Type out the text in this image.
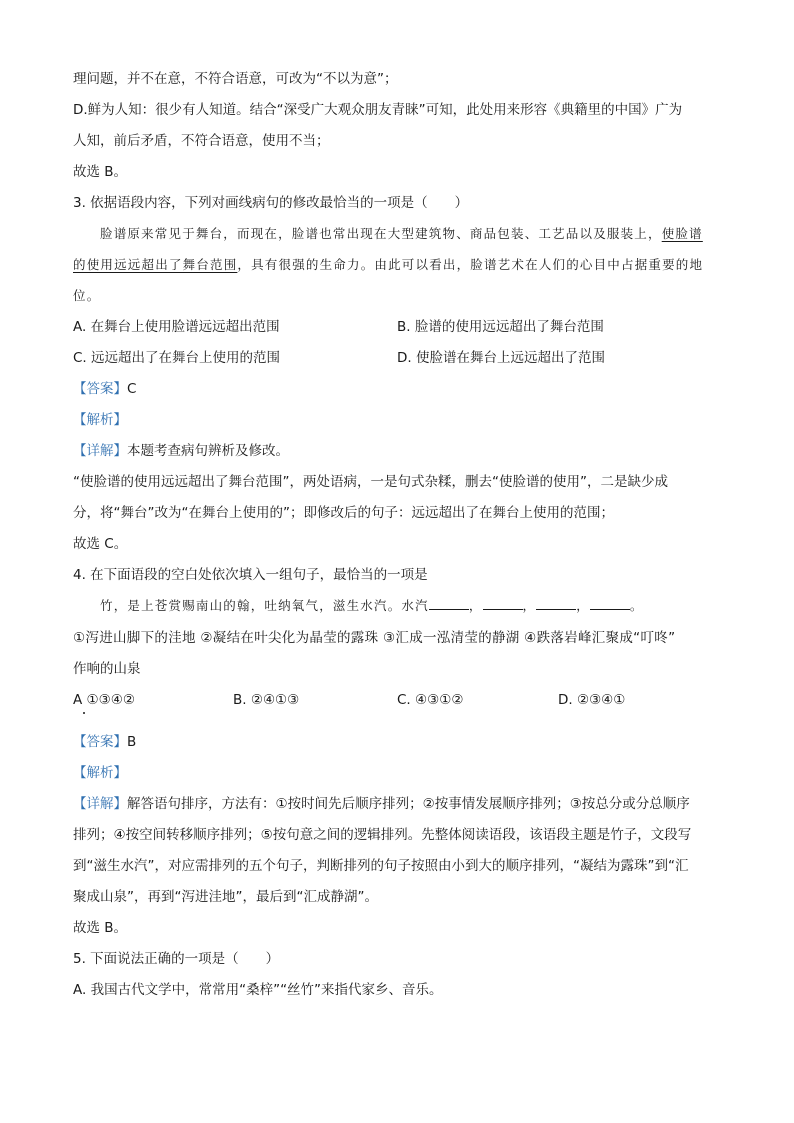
理问题，并不在意，不符合语意，可改为“不以为意”；
D.鲜为人知：很少有人知道。结合“深受广大观众朋友青睐”可知，此处用来形容《典籍里的中国》广为
人知，前后矛盾，不符合语意，使用不当；
故选 B。
3. 依据语段内容，下列对画线病句的修改最恰当的一项是（　　）
脸谱原来常见于舞台，而现在，脸谱也常出现在大型建筑物、商品包装、工艺品以及服装上，使脸谱
的使用远远超出了舞台范围，具有很强的生命力。由此可以看出，脸谱艺术在人们的心目中占据重要的地
位。
A. 在舞台上使用脸谱远远超出范围	B. 脸谱的使用远远超出了舞台范围
C. 远远超出了在舞台上使用的范围	D. 使脸谱在舞台上远远超出了范围
【答案】C
【解析】
【详解】本题考查病句辨析及修改。
“使脸谱的使用远远超出了舞台范围”，两处语病，一是句式杂糅，删去“使脸谱的使用”，二是缺少成
分，将“舞台”改为“在舞台上使用的”；即修改后的句子：远远超出了在舞台上使用的范围；
故选 C。
4. 在下面语段的空白处依次填入一组句子，最恰当的一项是
竹，是上苍赏赐南山的翰，吐纳氧气，滋生水汽。水汽	，	，	，	。
①泻进山脚下的洼地 ②凝结在叶尖化为晶莹的露珠 ③汇成一泓清莹的静湖 ④跌落岩峰汇聚成“叮咚”
作响的山泉
A ①③④②	B. ②④①③	C. ④③①②	D. ②③④①
【答案】B
【解析】
【详解】解答语句排序，方法有：①按时间先后顺序排列；②按事情发展顺序排列；③按总分或分总顺序
排列；④按空间转移顺序排列；⑤按句意之间的逻辑排列。先整体阅读语段，该语段主题是竹子，文段写
到“滋生水汽”，对应需排列的五个句子，判断排列的句子按照由小到大的顺序排列，“凝结为露珠”到“汇
聚成山泉”，再到“泻进洼地”，最后到“汇成静湖”。
故选 B。
5. 下面说法正确的一项是（　　）
A. 我国古代文学中，常常用“桑梓”“丝竹”来指代家乡、音乐。
